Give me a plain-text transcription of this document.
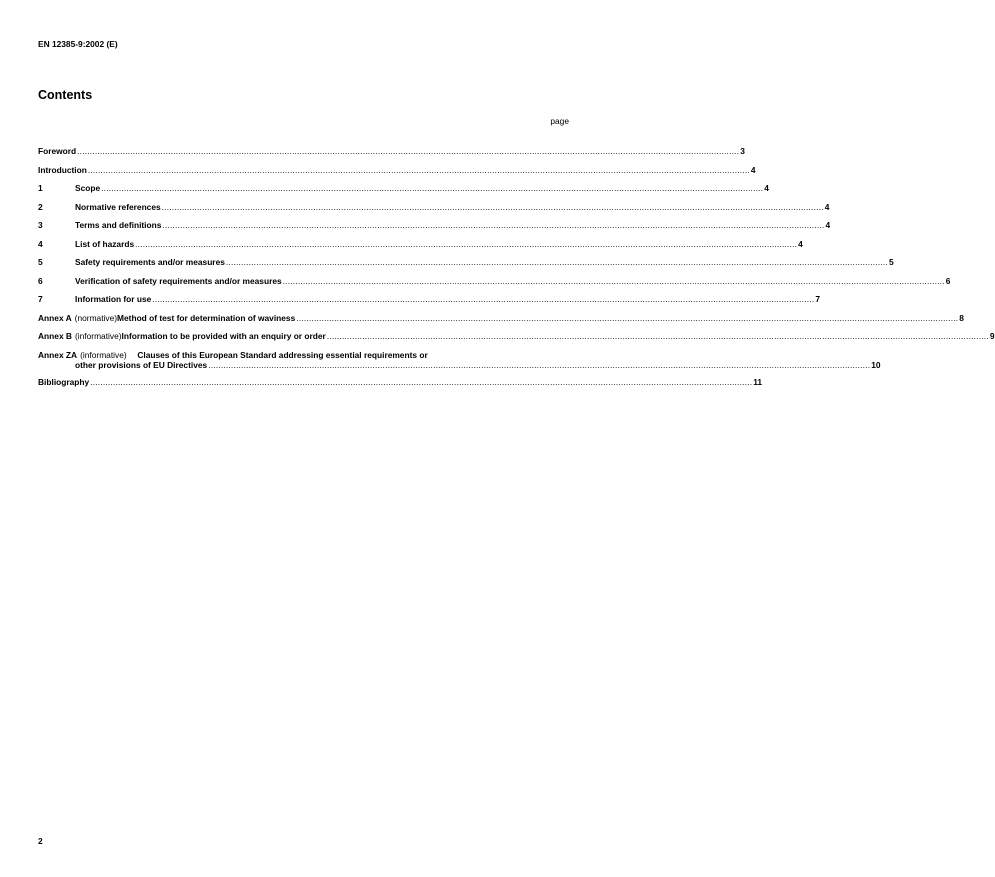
EN 12385-9:2002 (E)
Contents
page
Foreword ...................................................................................................................................................................................................................................................................... 3
Introduction ...................................................................................................................................................................................................................................................................... 4
1	Scope ...................................................................................................................................................................................................................................................................... 4
2	Normative references ...................................................................................................................................................................................................................................................................... 4
3	Terms and definitions ...................................................................................................................................................................................................................................................................... 4
4	List of hazards ...................................................................................................................................................................................................................................................................... 4
5	Safety requirements and/or measures ...................................................................................................................................................................................................................................................................... 5
6	Verification of safety requirements and/or measures ...................................................................................................................................................................................................................................................................... 6
7	Information for use ...................................................................................................................................................................................................................................................................... 7
Annex A (normative) Method of test for determination of waviness ...................................................................................................................................................................................................................................................................... 8
Annex B (informative) Information to be provided with an enquiry or order ...................................................................................................................................................................................................................................................................... 9
Annex ZA (informative) Clauses of this European Standard addressing essential requirements or
other provisions of EU Directives ...................................................................................................................................................................................................................................................................... 10
Bibliography ...................................................................................................................................................................................................................................................................... 11
2
